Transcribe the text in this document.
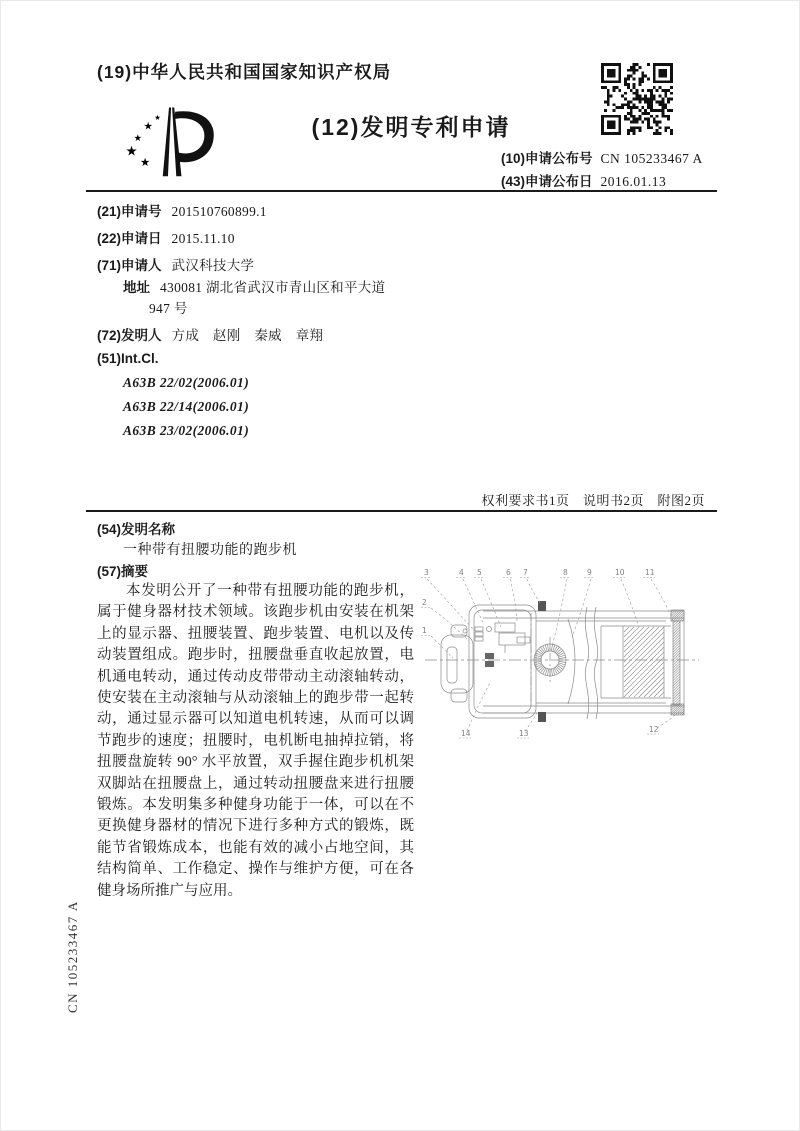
(19)中华人民共和国国家知识产权局
★
★
★
★
★
(12)发明专利申请
(10)申请公布号 CN 105233467 A
(43)申请公布日 2016.01.13
(21)申请号 201510760899.1
(22)申请日 2015.11.10
(71)申请人 武汉科技大学
地址 430081 湖北省武汉市青山区和平大道
947 号
(72)发明人 方成　赵刚　秦威　章翔
(51)Int.Cl.
A63B 22/02(2006.01)
A63B 22/14(2006.01)
A63B 23/02(2006.01)
权利要求书1页　说明书2页　附图2页
(54)发明名称
一种带有扭腰功能的跑步机
(57)摘要

本发明公开了一种带有扭腰功能的跑步机，属于健身器材技术领域。该跑步机由安装在机架上的显示器、扭腰装置、跑步装置、电机以及传动装置组成。跑步时，扭腰盘垂直收起放置，电机通电转动，通过传动皮带带动主动滚轴转动，使安装在主动滚轴与从动滚轴上的跑步带一起转动，通过显示器可以知道电机转速，从而可以调节跑步的速度；扭腰时，电机断电抽掉拉销，将扭腰盘旋转 90° 水平放置，双手握住跑步机机架双脚站在扭腰盘上，通过转动扭腰盘来进行扭腰锻炼。本发明集多种健身功能于一体，可以在不更换健身器材的情况下进行多种方式的锻炼，既能节省锻炼成本，也能有效的减小占地空间，其结构简单、工作稳定、操作与维护方便，可在各健身场所推广与应用。

3	4 5	6 7	8	9	10	11
2
1
14	13	12
CN 105233467 A
